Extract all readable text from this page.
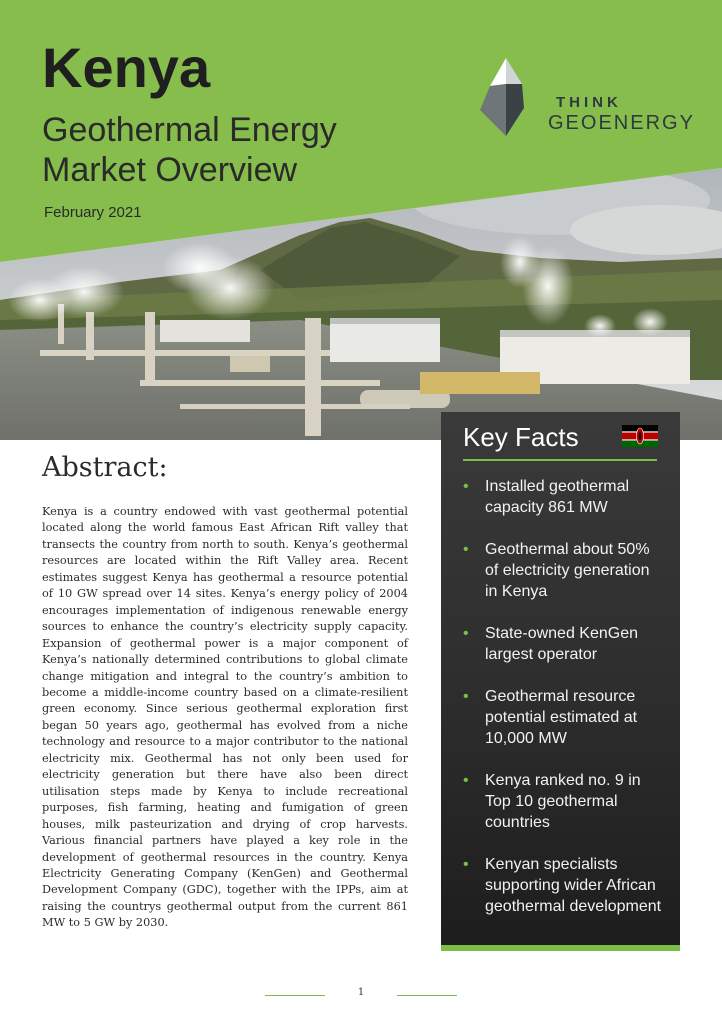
Kenya
Geothermal Energy
Market Overview

February 2021

THINK
GEOENERGY
Abstract:

Kenya is a country endowed with vast geothermal potential located along the world famous East African Rift valley that transects the country from north to south. Kenya’s geothermal resources are located within the Rift Valley area. Recent estimates suggest Kenya has geothermal a resource potential of 10 GW spread over 14 sites. Kenya’s energy policy of 2004 encourages implementation of indigenous renewable energy sources to enhance the country’s electricity supply capacity. Expansion of geothermal power is a major component of Kenya’s nationally determined contributions to global climate change mitigation and integral to the country’s ambition to become a middle-income country based on a climate-resilient green economy. Since serious geothermal exploration first began 50 years ago, geothermal has evolved from a niche technology and resource to a major contributor to the national electricity mix. Geothermal has not only been used for electricity generation but there have also been direct utilisation steps made by Kenya to include recreational purposes, fish farming, heating and fumigation of green houses, milk pasteurization and drying of crop harvests. Various financial partners have played a key role in the development of geothermal resources in the country. Kenya Electricity Generating Company (KenGen) and Geothermal Development Company (GDC), together with the IPPs, aim at raising the countrys geothermal output from the current 861 MW to 5 GW by 2030.

Key Facts
• Installed geothermal capacity 861 MW
• Geothermal about 50% of electricity generation in Kenya
• State-owned KenGen largest operator
• Geothermal resource potential estimated at 10,000 MW
• Kenya ranked no. 9 in Top 10 geothermal countries
• Kenyan specialists supporting wider African geothermal development
1
